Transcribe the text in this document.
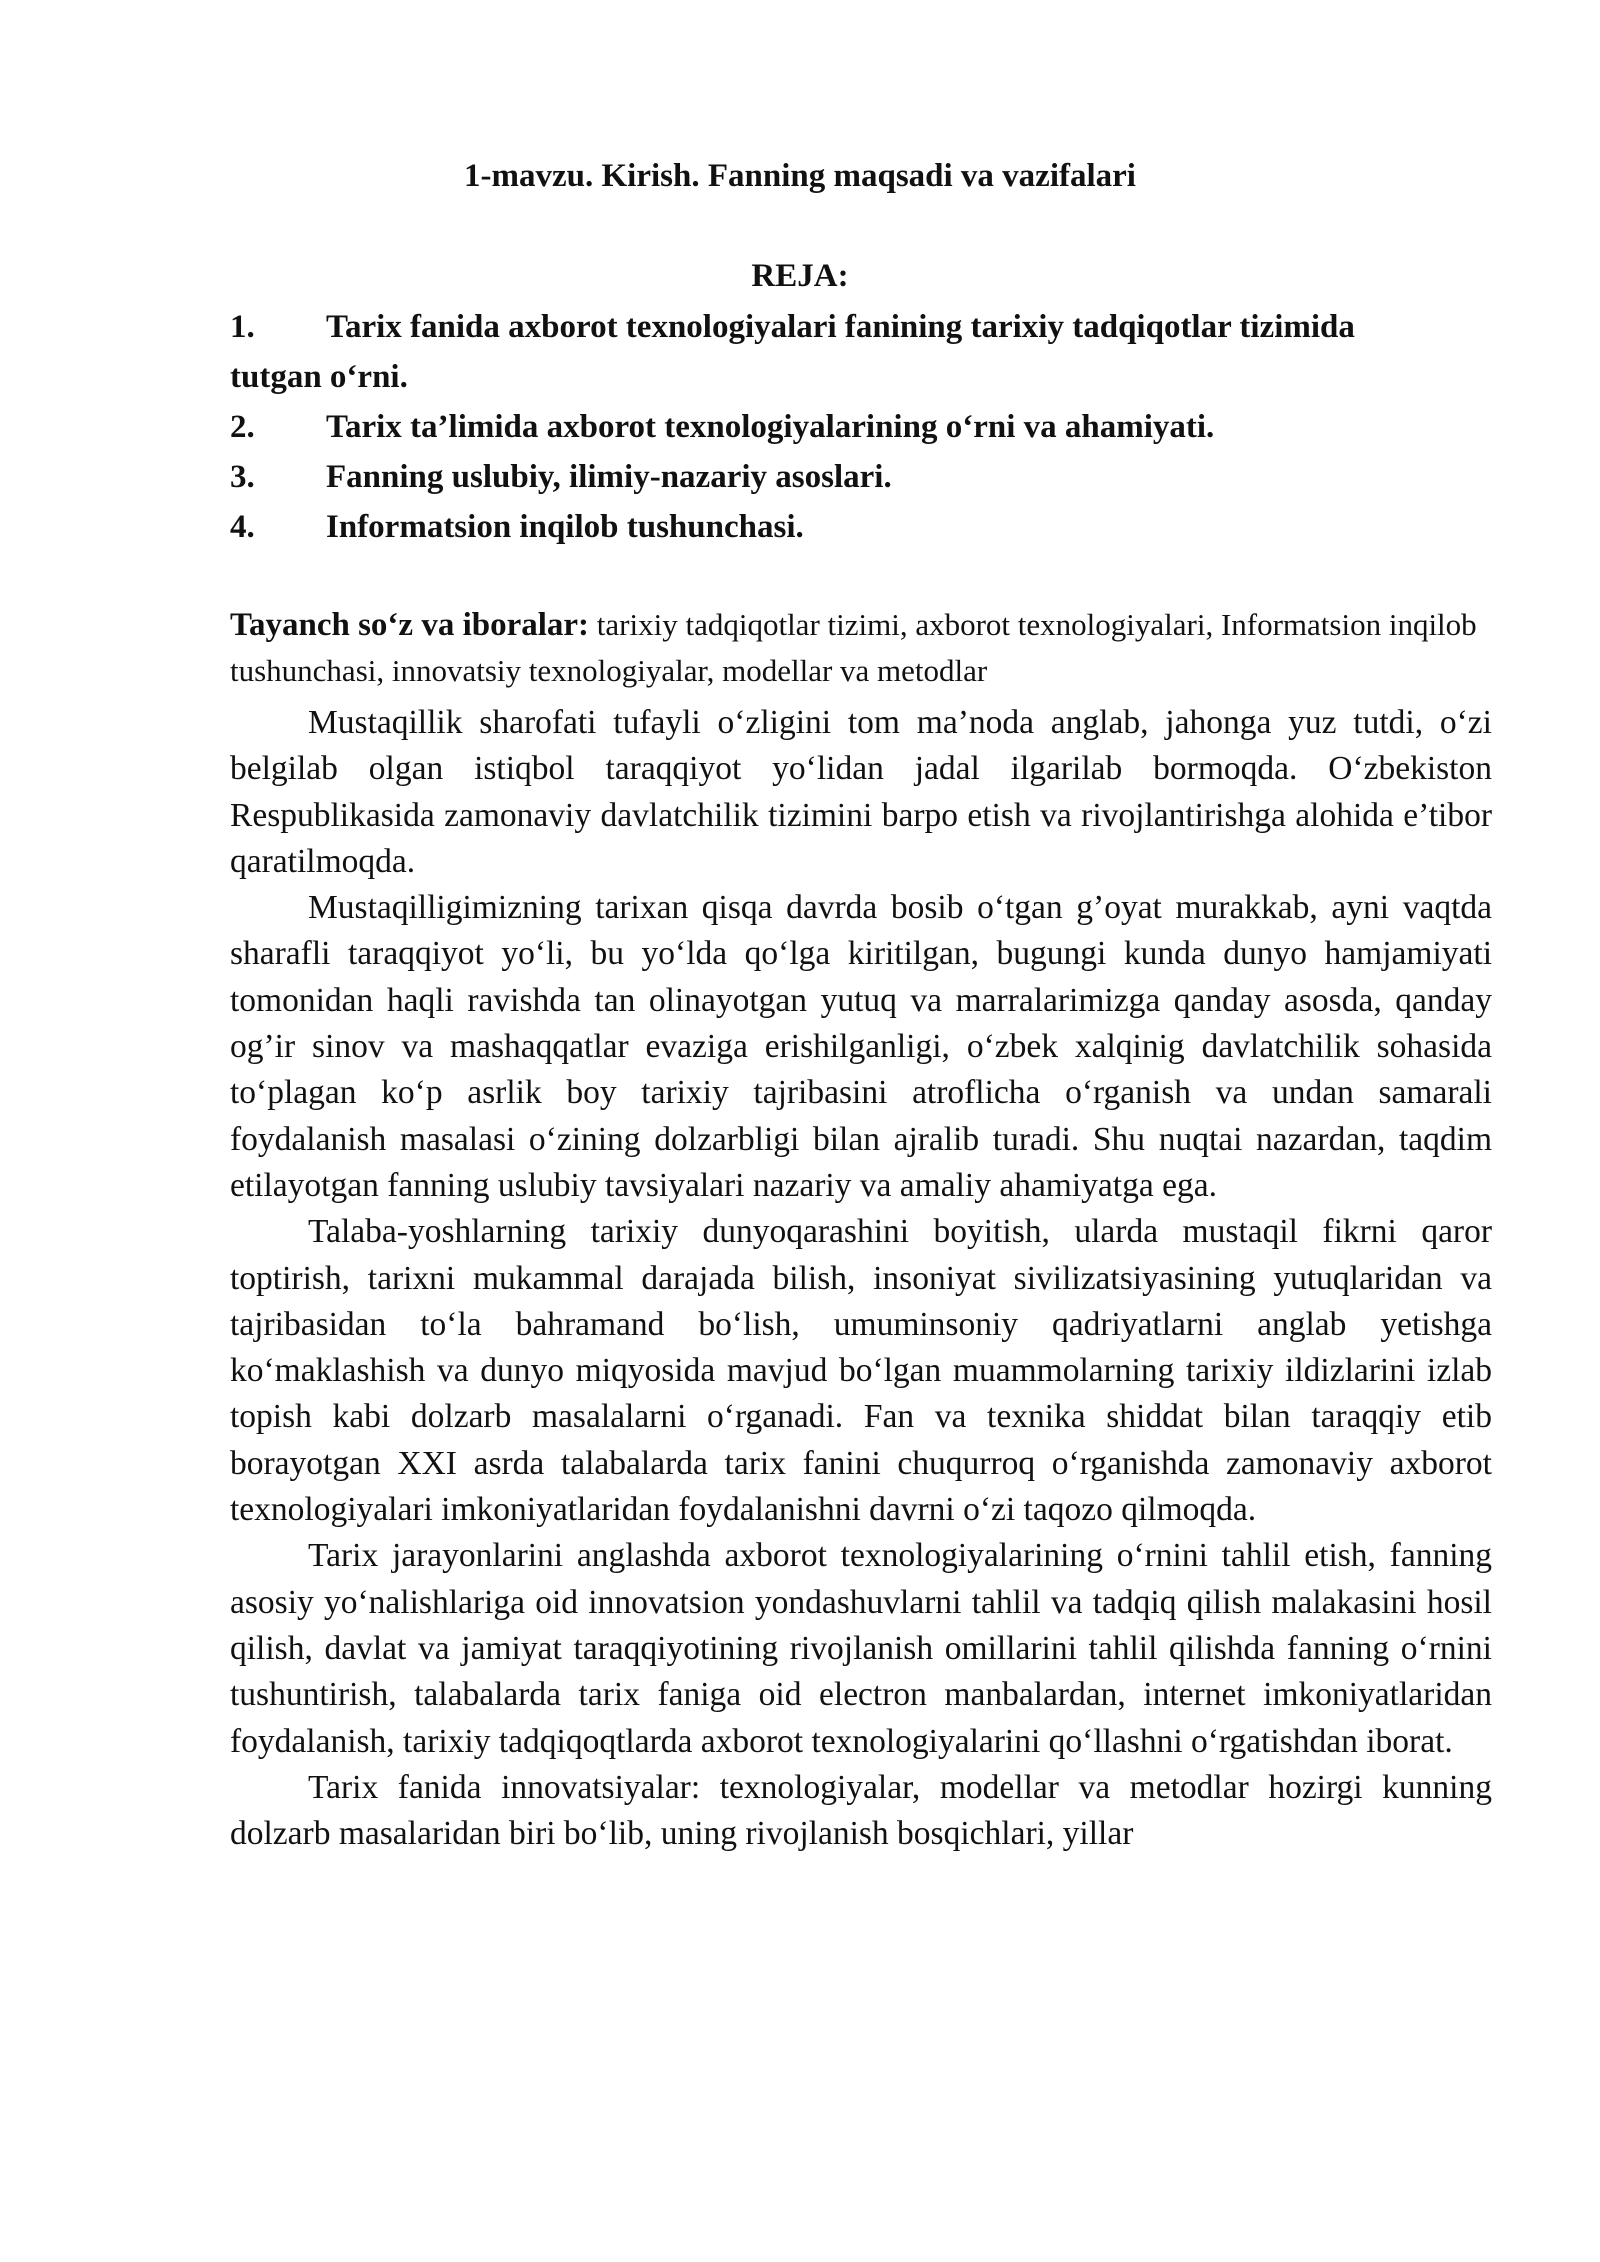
1-mavzu. Kirish. Fanning maqsadi va vazifalari
REJA:
1. Tarix fanida axborot texnologiyalari fanining tarixiy tadqiqotlar tizimida tutgan o‘rni.
2. Tarix ta’limida axborot texnologiyalarining o‘rni va ahamiyati.
3. Fanning uslubiy, ilimiy-nazariy asoslari.
4. Informatsion inqilob tushunchasi.
Tayanch so‘z va iboralar: tarixiy tadqiqotlar tizimi, axborot texnologiyalari, Informatsion inqilob tushunchasi, innovatsiy texnologiyalar, modellar va metodlar

Mustaqillik sharofati tufayli o‘zligini tom ma’noda anglab, jahonga yuz tutdi, o‘zi belgilab olgan istiqbol taraqqiyot yo‘lidan jadal ilgarilab bormoqda. O‘zbekiston Respublikasida zamonaviy davlatchilik tizimini barpo etish va rivojlantirishga alohida e’tibor qaratilmoqda.

Mustaqilligimizning tarixan qisqa davrda bosib o‘tgan g’oyat murakkab, ayni vaqtda sharafli taraqqiyot yo‘li, bu yo‘lda qo‘lga kiritilgan, bugungi kunda dunyo hamjamiyati tomonidan haqli ravishda tan olinayotgan yutuq va marralarimizga qanday asosda, qanday og’ir sinov va mashaqqatlar evaziga erishilganligi, o‘zbek xalqinig davlatchilik sohasida to‘plagan ko‘p asrlik boy tarixiy tajribasini atroflicha o‘rganish va undan samarali foydalanish masalasi o‘zining dolzarbligi bilan ajralib turadi. Shu nuqtai nazardan, taqdim etilayotgan fanning uslubiy tavsiyalari nazariy va amaliy ahamiyatga ega.

Talaba-yoshlarning tarixiy dunyoqarashini boyitish, ularda mustaqil fikrni qaror toptirish, tarixni mukammal darajada bilish, insoniyat sivilizatsiyasining yutuqlaridan va tajribasidan to‘la bahramand bo‘lish, umuminsoniy qadriyatlarni anglab yetishga ko‘maklashish va dunyo miqyosida mavjud bo‘lgan muammolarning tarixiy ildizlarini izlab topish kabi dolzarb masalalarni o‘rganadi. Fan va texnika shiddat bilan taraqqiy etib borayotgan XXI asrda talabalarda tarix fanini chuqurroq o‘rganishda zamonaviy axborot texnologiyalari imkoniyatlaridan foydalanishni davrni o‘zi taqozo qilmoqda.

Tarix jarayonlarini anglashda axborot texnologiyalarining o‘rnini tahlil etish, fanning asosiy yo‘nalishlariga oid innovatsion yondashuvlarni tahlil va tadqiq qilish malakasini hosil qilish, davlat va jamiyat taraqqiyotining rivojlanish omillarini tahlil qilishda fanning o‘rnini tushuntirish, talabalarda tarix faniga oid electron manbalardan, internet imkoniyatlaridan foydalanish, tarixiy tadqiqoqtlarda axborot texnologiyalarini qo‘llashni o‘rgatishdan iborat.

Tarix fanida innovatsiyalar: texnologiyalar, modellar va metodlar hozirgi kunning dolzarb masalaridan biri bo‘lib, uning rivojlanish bosqichlari, yillar
